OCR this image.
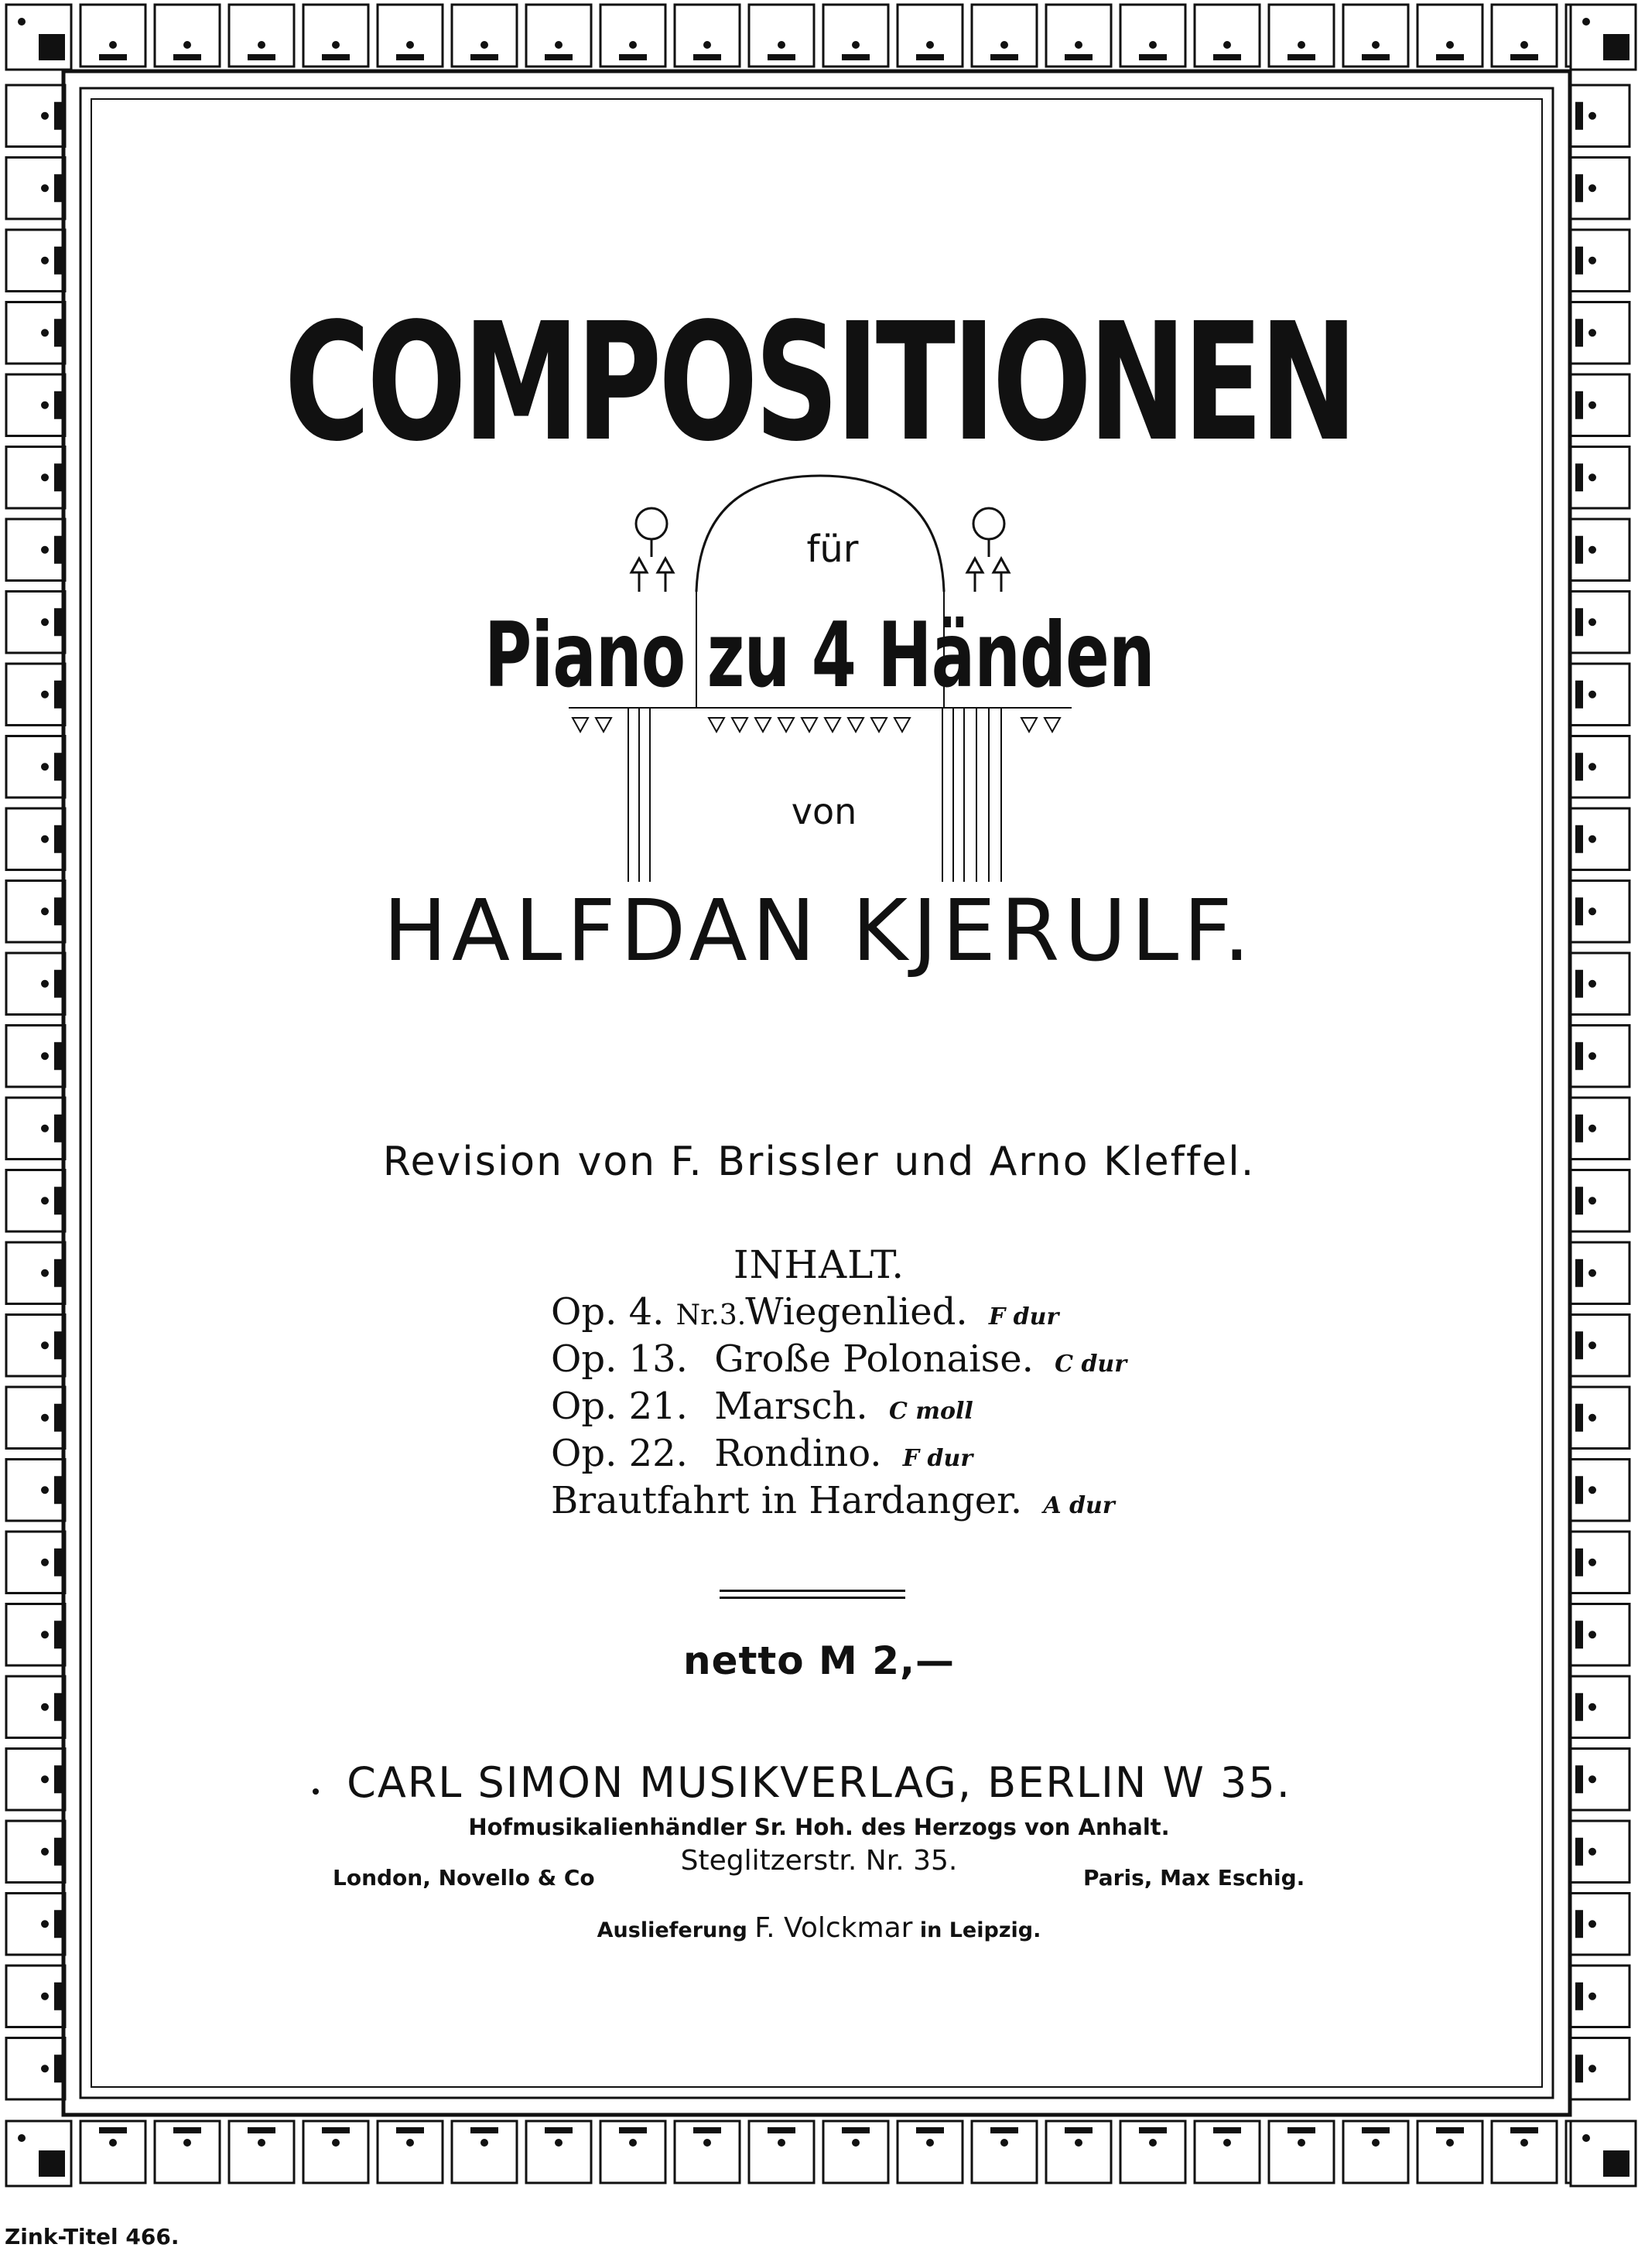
COMPOSITIONEN
für
Piano zu 4 Händen
von
HALFDAN KJERULF.
Revision von F. Brissler und Arno Kleffel.
INHALT.
Op. 4. Nr.3. Wiegenlied. F dur
Op. 13. Große Polonaise. C dur
Op. 21. Marsch. C moll
Op. 22. Rondino. F dur
Brautfahrt in Hardanger. A dur
netto M 2,—
CARL SIMON MUSIKVERLAG, BERLIN W 35.
Hofmusikalienhändler Sr. Hoh. des Herzogs von Anhalt.
Steglitzerstr. Nr. 35.
London, Novello & Co	Paris, Max Eschig.
Auslieferung F. Volckmar in Leipzig.
Zink-Titel 466.
